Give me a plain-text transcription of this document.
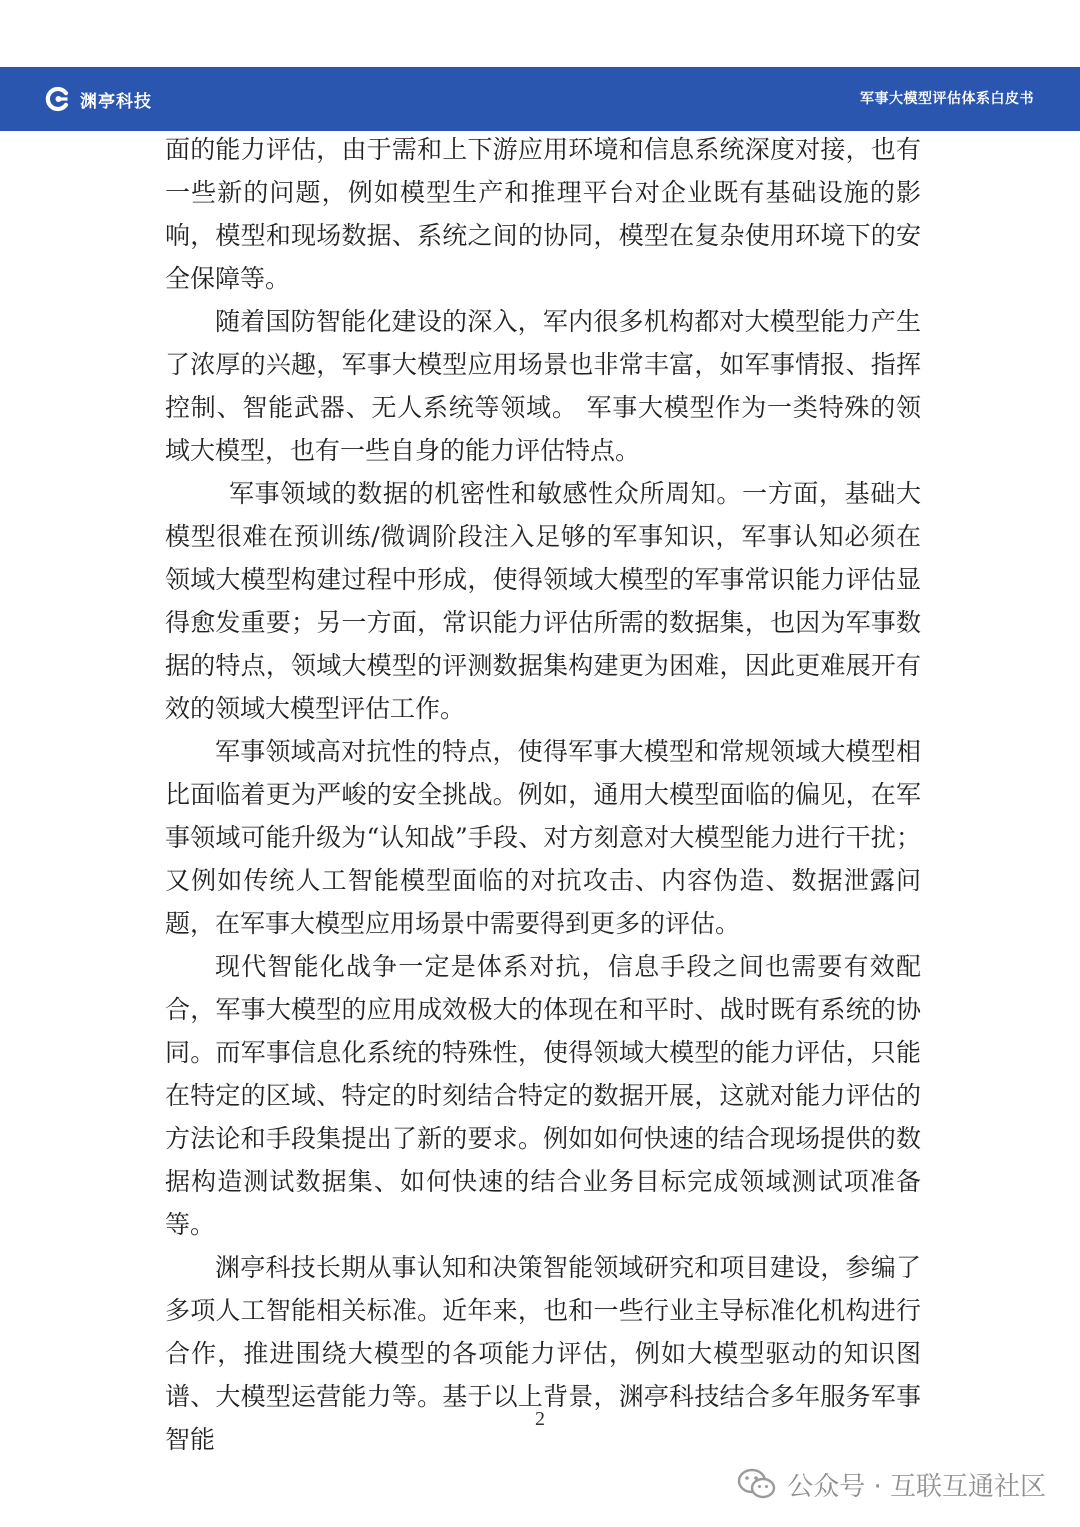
渊亭科技	军事大模型评估体系白皮书

面的能力评估，由于需和上下游应用环境和信息系统深度对接，也有一些新的问题，例如模型生产和推理平台对企业既有基础设施的影响，模型和现场数据、系统之间的协同，模型在复杂使用环境下的安全保障等。

随着国防智能化建设的深入，军内很多机构都对大模型能力产生了浓厚的兴趣，军事大模型应用场景也非常丰富，如军事情报、指挥控制、智能武器、无人系统等领域。 军事大模型作为一类特殊的领域大模型，也有一些自身的能力评估特点。

军事领域的数据的机密性和敏感性众所周知。一方面，基础大模型很难在预训练/微调阶段注入足够的军事知识，军事认知必须在领域大模型构建过程中形成，使得领域大模型的军事常识能力评估显得愈发重要；另一方面，常识能力评估所需的数据集，也因为军事数据的特点，领域大模型的评测数据集构建更为困难，因此更难展开有效的领域大模型评估工作。

军事领域高对抗性的特点，使得军事大模型和常规领域大模型相比面临着更为严峻的安全挑战。例如，通用大模型面临的偏见，在军事领域可能升级为“认知战”手段、对方刻意对大模型能力进行干扰；又例如传统人工智能模型面临的对抗攻击、内容伪造、数据泄露问题，在军事大模型应用场景中需要得到更多的评估。

现代智能化战争一定是体系对抗，信息手段之间也需要有效配合，军事大模型的应用成效极大的体现在和平时、战时既有系统的协同。而军事信息化系统的特殊性，使得领域大模型的能力评估，只能在特定的区域、特定的时刻结合特定的数据开展，这就对能力评估的方法论和手段集提出了新的要求。例如如何快速的结合现场提供的数据构造测试数据集、如何快速的结合业务目标完成领域测试项准备等。

渊亭科技长期从事认知和决策智能领域研究和项目建设，参编了多项人工智能相关标准。近年来，也和一些行业主导标准化机构进行合作，推进围绕大模型的各项能力评估，例如大模型驱动的知识图谱、大模型运营能力等。基于以上背景，渊亭科技结合多年服务军事智能

2
公众号 · 互联互通社区
